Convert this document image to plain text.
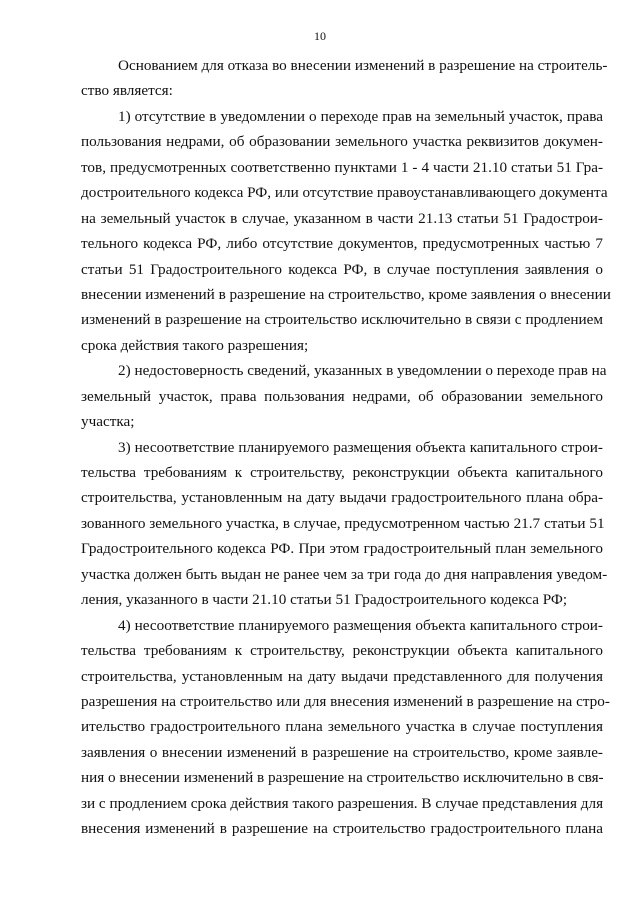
10
Основанием для отказа во внесении изменений в разрешение на строитель-
ство является:
1) отсутствие в уведомлении о переходе прав на земельный участок, права
пользования недрами, об образовании земельного участка реквизитов докумен-
тов, предусмотренных соответственно пунктами 1 - 4 части 21.10 статьи 51 Гра-
достроительного кодекса РФ, или отсутствие правоустанавливающего документа
на земельный участок в случае, указанном в части 21.13 статьи 51 Градострои-
тельного кодекса РФ, либо отсутствие документов, предусмотренных частью 7
статьи 51 Градостроительного кодекса РФ, в случае поступления заявления о
внесении изменений в разрешение на строительство, кроме заявления о внесении
изменений в разрешение на строительство исключительно в связи с продлением
срока действия такого разрешения;
2) недостоверность сведений, указанных в уведомлении о переходе прав на
земельный участок, права пользования недрами, об образовании земельного
участка;
3) несоответствие планируемого размещения объекта капитального строи-
тельства требованиям к строительству, реконструкции объекта капитального
строительства, установленным на дату выдачи градостроительного плана обра-
зованного земельного участка, в случае, предусмотренном частью 21.7 статьи 51
Градостроительного кодекса РФ. При этом градостроительный план земельного
участка должен быть выдан не ранее чем за три года до дня направления уведом-
ления, указанного в части 21.10 статьи 51 Градостроительного кодекса РФ;
4) несоответствие планируемого размещения объекта капитального строи-
тельства требованиям к строительству, реконструкции объекта капитального
строительства, установленным на дату выдачи представленного для получения
разрешения на строительство или для внесения изменений в разрешение на стро-
ительство градостроительного плана земельного участка в случае поступления
заявления о внесении изменений в разрешение на строительство, кроме заявле-
ния о внесении изменений в разрешение на строительство исключительно в свя-
зи с продлением срока действия такого разрешения. В случае представления для
внесения изменений в разрешение на строительство градостроительного плана
